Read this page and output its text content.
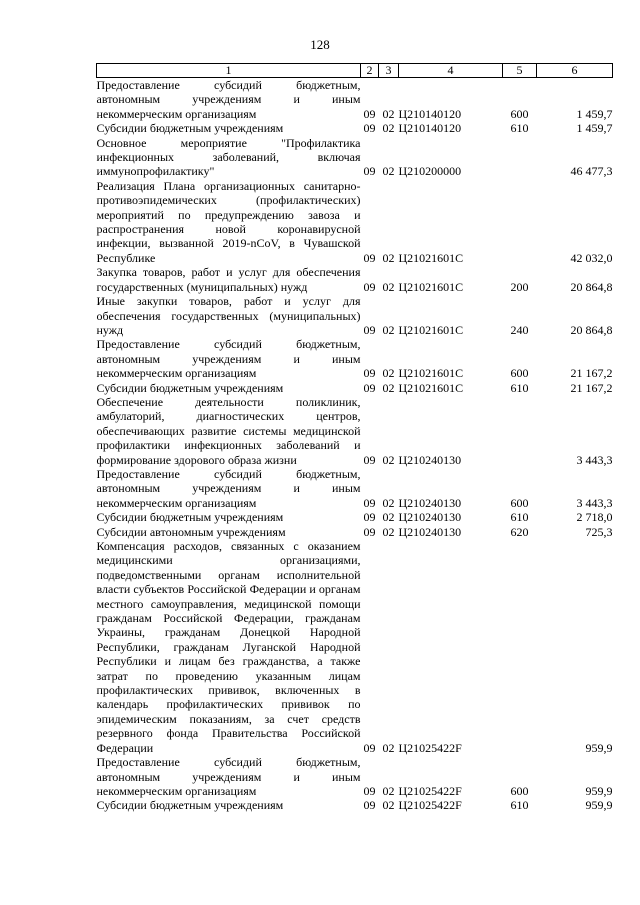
128
1	2	3	4	5	6
Предоставление субсидий бюджетным, автономным учреждениям и иным некоммерческим организациям	09	02	Ц210140120	600	1 459,7
Субсидии бюджетным учреждениям	09	02	Ц210140120	610	1 459,7
Основное мероприятие "Профилактика инфекционных заболеваний, включая иммунопрофилактику"	09	02	Ц210200000		46 477,3
Реализация Плана организационных санитарно-противоэпидемических (профилактических) мероприятий по предупреждению завоза и распространения новой коронавирусной инфекции, вызванной 2019-nCoV, в Чувашской Республике	09	02	Ц21021601C		42 032,0
Закупка товаров, работ и услуг для обеспечения государственных (муниципальных) нужд	09	02	Ц21021601C	200	20 864,8
Иные закупки товаров, работ и услуг для обеспечения государственных (муниципальных) нужд	09	02	Ц21021601C	240	20 864,8
Предоставление субсидий бюджетным, автономным учреждениям и иным некоммерческим организациям	09	02	Ц21021601C	600	21 167,2
Субсидии бюджетным учреждениям	09	02	Ц21021601C	610	21 167,2
Обеспечение деятельности поликлиник, амбулаторий, диагностических центров, обеспечивающих развитие системы медицинской профилактики инфекционных заболеваний и формирование здорового образа жизни	09	02	Ц210240130		3 443,3
Предоставление субсидий бюджетным, автономным учреждениям и иным некоммерческим организациям	09	02	Ц210240130	600	3 443,3
Субсидии бюджетным учреждениям	09	02	Ц210240130	610	2 718,0
Субсидии автономным учреждениям	09	02	Ц210240130	620	725,3
Компенсация расходов, связанных с оказанием медицинскими организациями, подведомственными органам исполнительной власти субъектов Российской Федерации и органам местного самоуправления, медицинской помощи гражданам Российской Федерации, гражданам Украины, гражданам Донецкой Народной Республики, гражданам Луганской Народной Республики и лицам без гражданства, а также затрат по проведению указанным лицам профилактических прививок, включенных в календарь профилактических прививок по эпидемическим показаниям, за счет средств резервного фонда Правительства Российской Федерации	09	02	Ц21025422F		959,9
Предоставление субсидий бюджетным, автономным учреждениям и иным некоммерческим организациям	09	02	Ц21025422F	600	959,9
Субсидии бюджетным учреждениям	09	02	Ц21025422F	610	959,9
